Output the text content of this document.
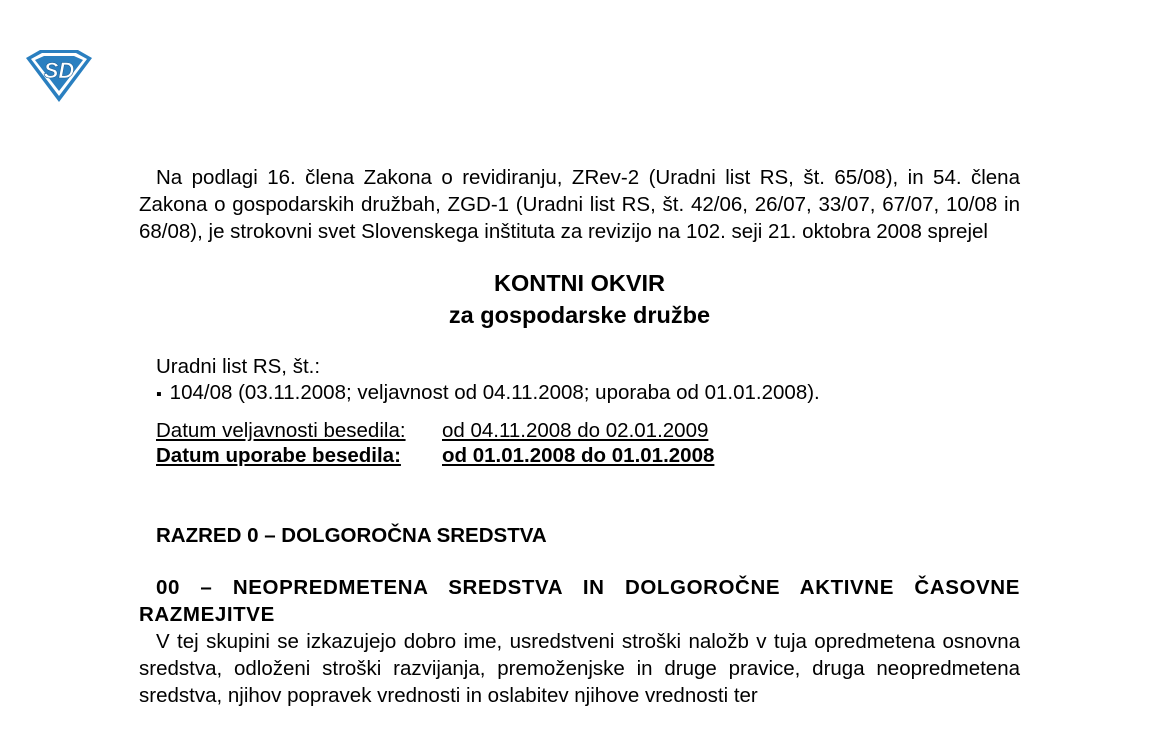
SD

Na podlagi 16. člena Zakona o revidiranju, ZRev-2 (Uradni list RS, št. 65/08), in 54. člena Zakona o gospodarskih družbah, ZGD-1 (Uradni list RS, št. 42/06, 26/07, 33/07, 67/07, 10/08 in 68/08), je strokovni svet Slovenskega inštituta za revizijo na 102. seji 21. oktobra 2008 sprejel

KONTNI OKVIR
za gospodarske družbe
Uradni list RS, št.:
▪ 104/08 (03.11.2008; veljavnost od 04.11.2008; uporaba od 01.01.2008).
Datum veljavnosti besedila:	od 04.11.2008 do 02.01.2009
Datum uporabe besedila:	od 01.01.2008 do 01.01.2008
RAZRED 0 – DOLGOROČNA SREDSTVA
00 – NEOPREDMETENA SREDSTVA IN DOLGOROČNE AKTIVNE ČASOVNE RAZMEJITVE

V tej skupini se izkazujejo dobro ime, usredstveni stroški naložb v tuja opredmetena osnovna sredstva, odloženi stroški razvijanja, premoženjske in druge pravice, druga neopredmetena sredstva, njihov popravek vrednosti in oslabitev njihove vrednosti ter
